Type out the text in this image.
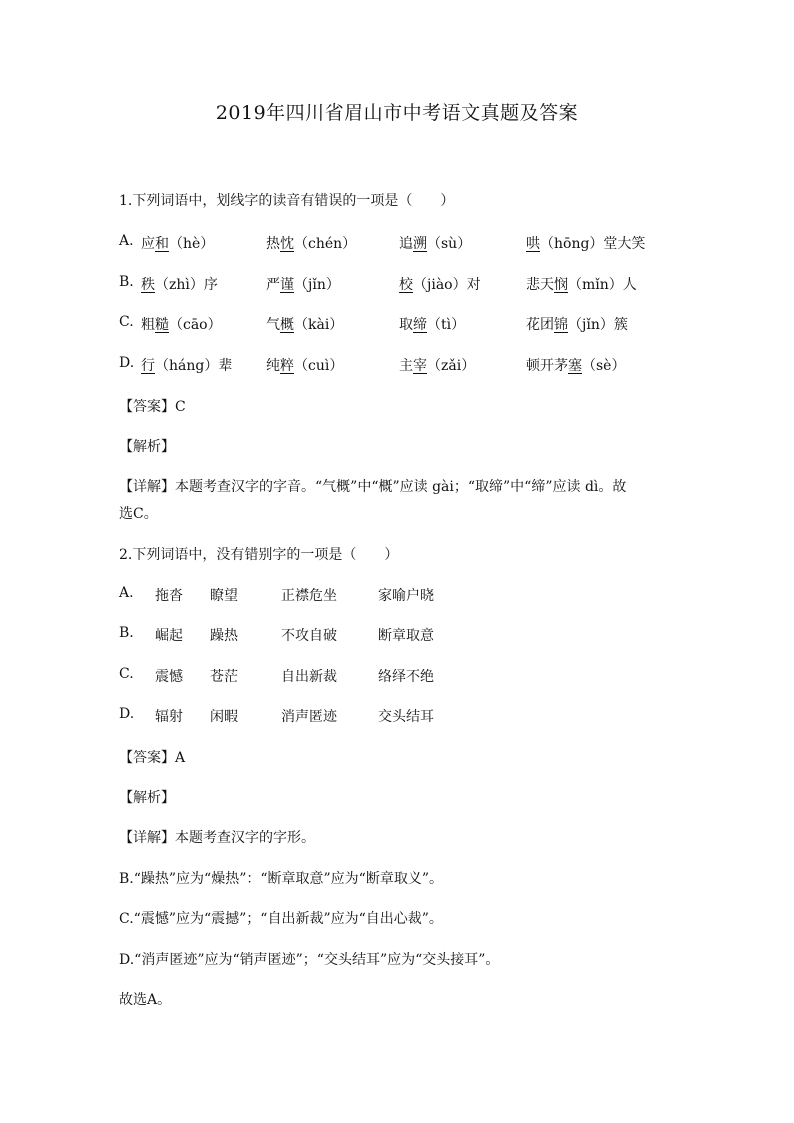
2019年四川省眉山市中考语文真题及答案
1.下列词语中，划线字的读音有错误的一项是（　　）
A. 应和（hè）	热忱（chén）	追溯（sù）	哄（hōng）堂大笑
B. 秩（zhì）序	严谨（jǐn）	校（jiào）对	悲天悯（mǐn）人
C. 粗糙（cāo）	气概（kài）	取缔（tì）	花团锦（jǐn）簇
D. 行（háng）辈 纯粹（cuì）	主宰（zǎi）	顿开茅塞（sè）
【答案】C
【解析】
【详解】本题考查汉字的字音。“气概”中“概”应读 gài；“取缔”中“缔”应读 dì。故
选C。
2.下列词语中，没有错别字的一项是（　　）
A. 拖沓 瞭望	正襟危坐	家喻户晓
B. 崛起 躁热	不攻自破	断章取意
C. 震憾 苍茫	自出新裁	络绎不绝
D. 辐射 闲暇	消声匿迹	交头结耳
【答案】A
【解析】
【详解】本题考查汉字的字形。
B.“躁热”应为“燥热”：“断章取意”应为“断章取义”。
C.“震憾”应为“震撼”；“自出新裁”应为“自出心裁”。
D.“消声匿迹”应为“销声匿迹”；“交头结耳”应为“交头接耳”。
故选A。
